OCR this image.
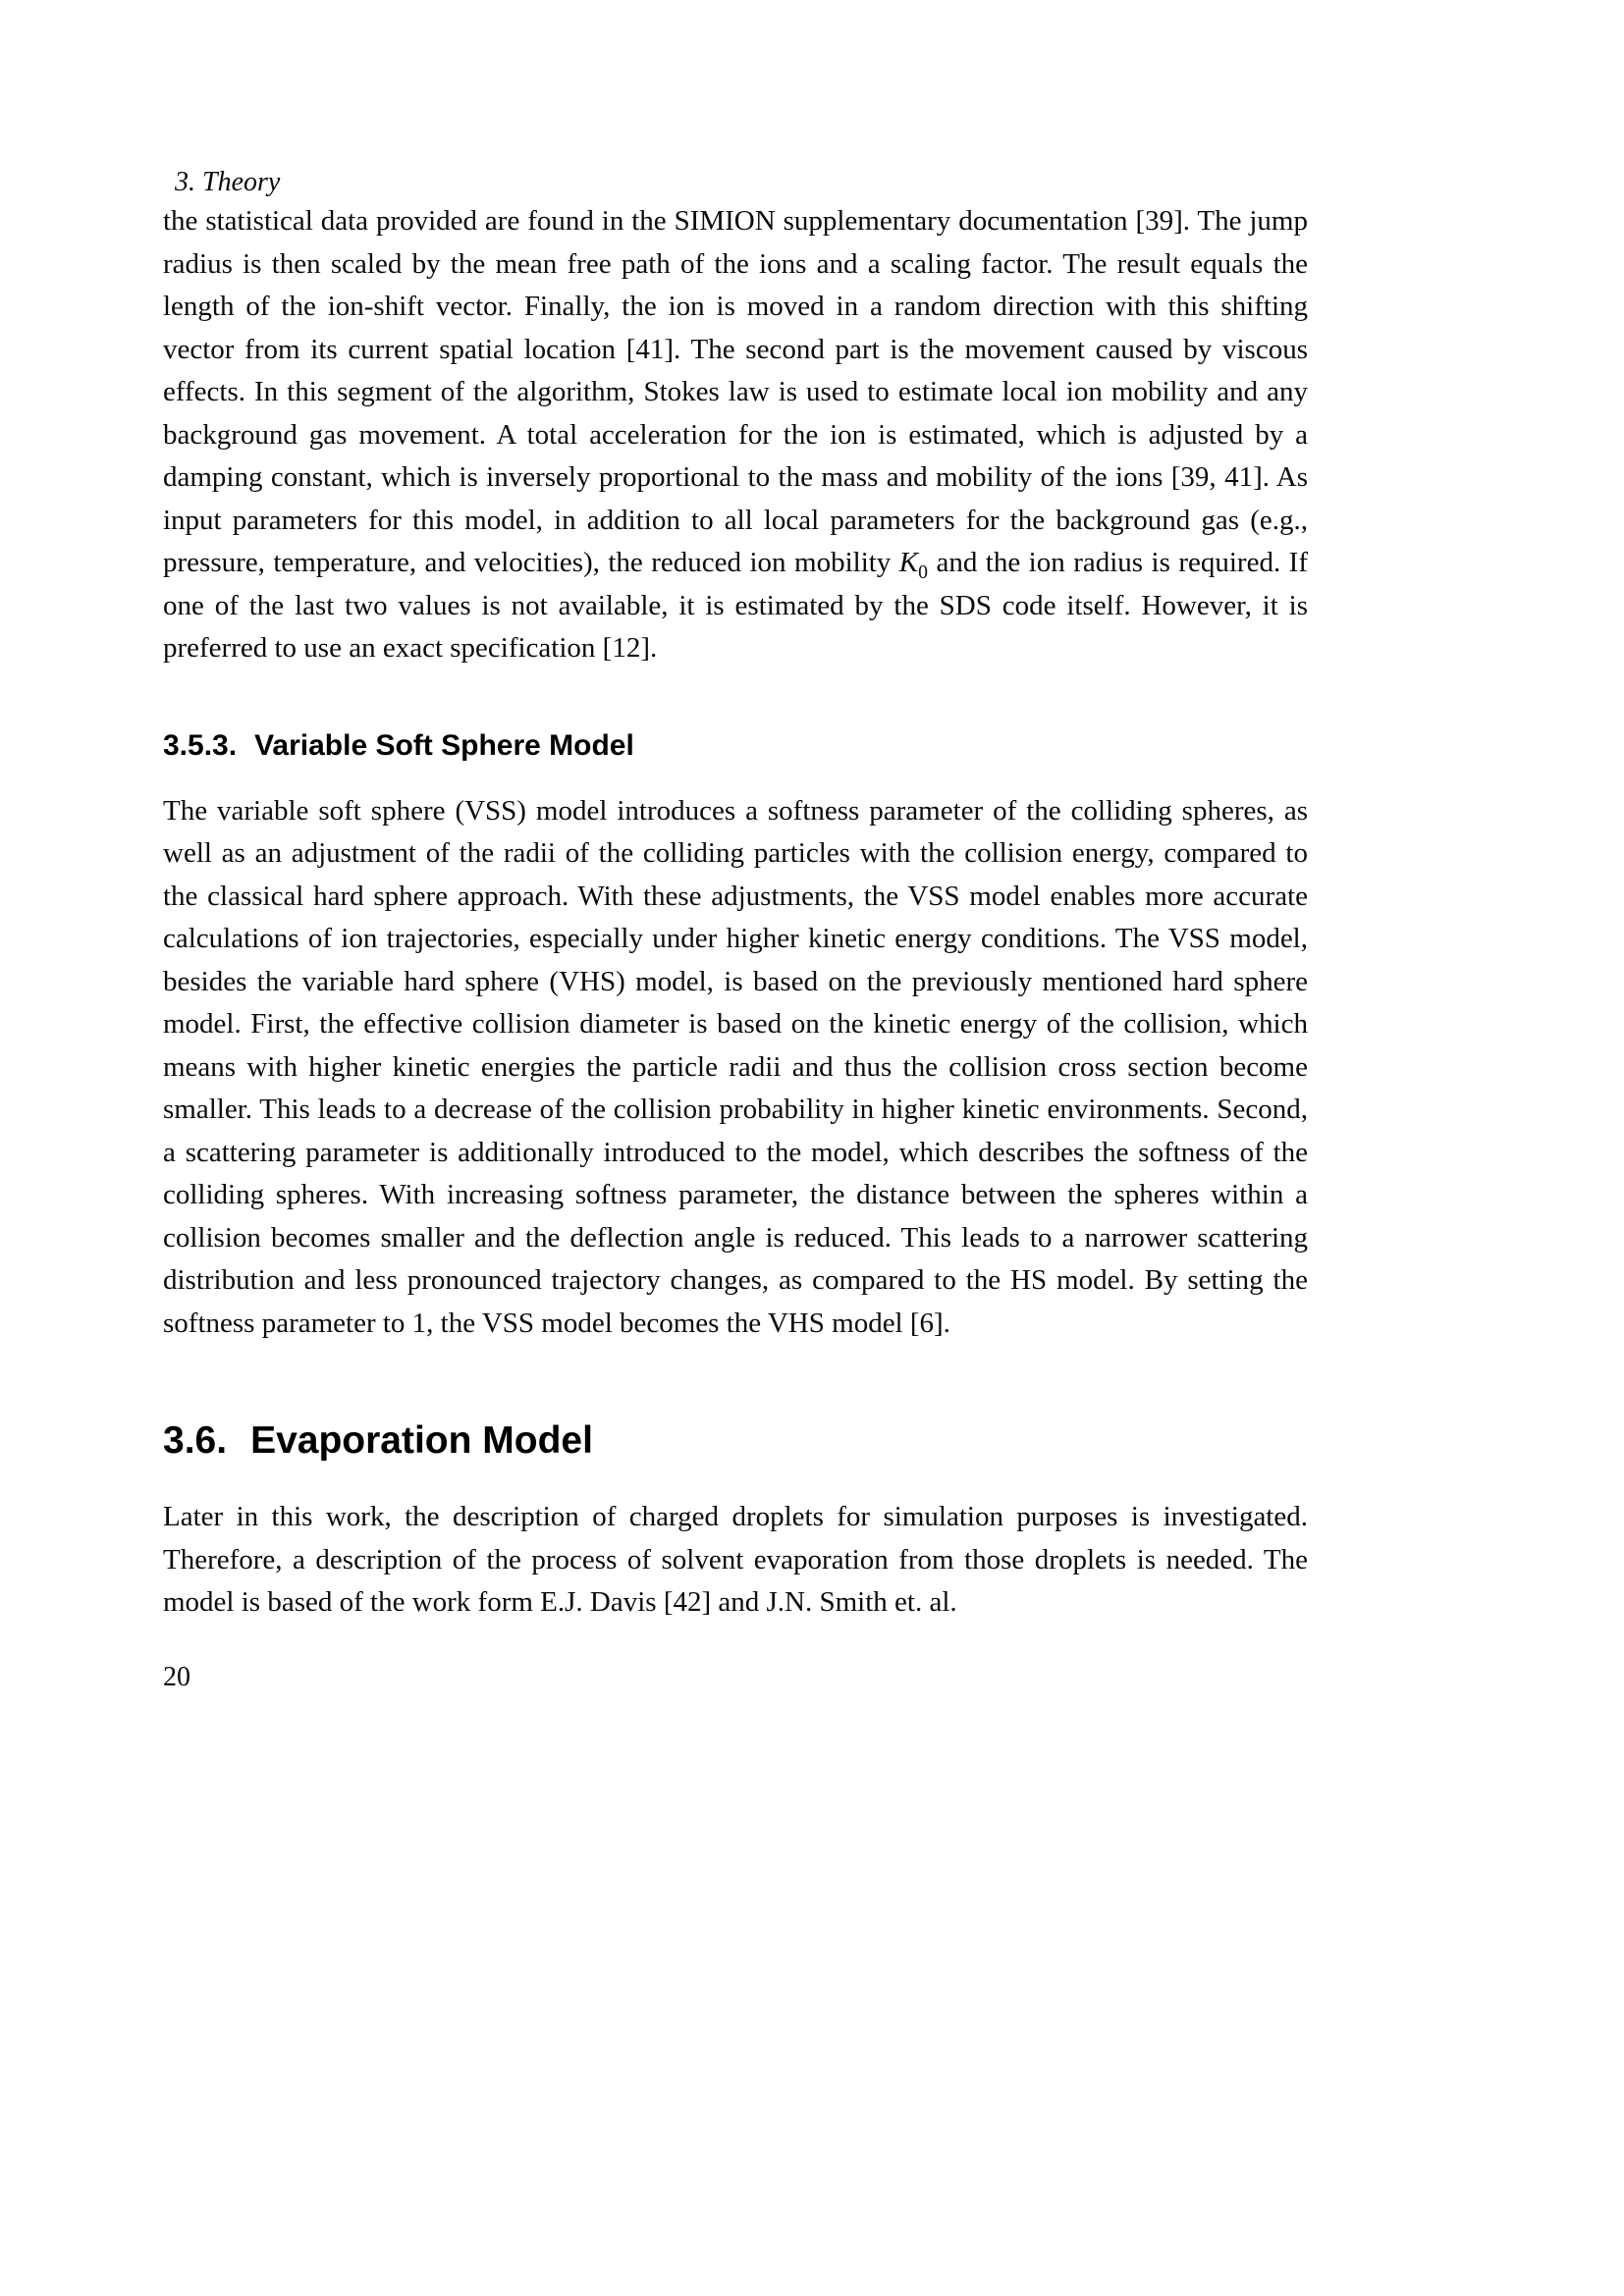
3. Theory

the statistical data provided are found in the SIMION supplementary documentation [39]. The jump radius is then scaled by the mean free path of the ions and a scaling factor. The result equals the length of the ion-shift vector. Finally, the ion is moved in a random direction with this shifting vector from its current spatial location [41]. The second part is the movement caused by viscous effects. In this segment of the algorithm, Stokes law is used to estimate local ion mobility and any background gas movement. A total acceleration for the ion is estimated, which is adjusted by a damping constant, which is inversely proportional to the mass and mobility of the ions [39, 41]. As input parameters for this model, in addition to all local parameters for the background gas (e.g., pressure, temperature, and velocities), the reduced ion mobility $K_0$ and the ion radius is required. If one of the last two values is not available, it is estimated by the SDS code itself. However, it is preferred to use an exact specification [12].

3.5.3. Variable Soft Sphere Model

The variable soft sphere (VSS) model introduces a softness parameter of the colliding spheres, as well as an adjustment of the radii of the colliding particles with the collision energy, compared to the classical hard sphere approach. With these adjustments, the VSS model enables more accurate calculations of ion trajectories, especially under higher kinetic energy conditions. The VSS model, besides the variable hard sphere (VHS) model, is based on the previously mentioned hard sphere model. First, the effective collision diameter is based on the kinetic energy of the collision, which means with higher kinetic energies the particle radii and thus the collision cross section become smaller. This leads to a decrease of the collision probability in higher kinetic environments. Second, a scattering parameter is additionally introduced to the model, which describes the softness of the colliding spheres. With increasing softness parameter, the distance between the spheres within a collision becomes smaller and the deflection angle is reduced. This leads to a narrower scattering distribution and less pronounced trajectory changes, as compared to the HS model. By setting the softness parameter to 1, the VSS model becomes the VHS model [6].

3.6. Evaporation Model

Later in this work, the description of charged droplets for simulation purposes is investigated. Therefore, a description of the process of solvent evaporation from those droplets is needed. The model is based of the work form E.J. Davis [42] and J.N. Smith et. al.

20
